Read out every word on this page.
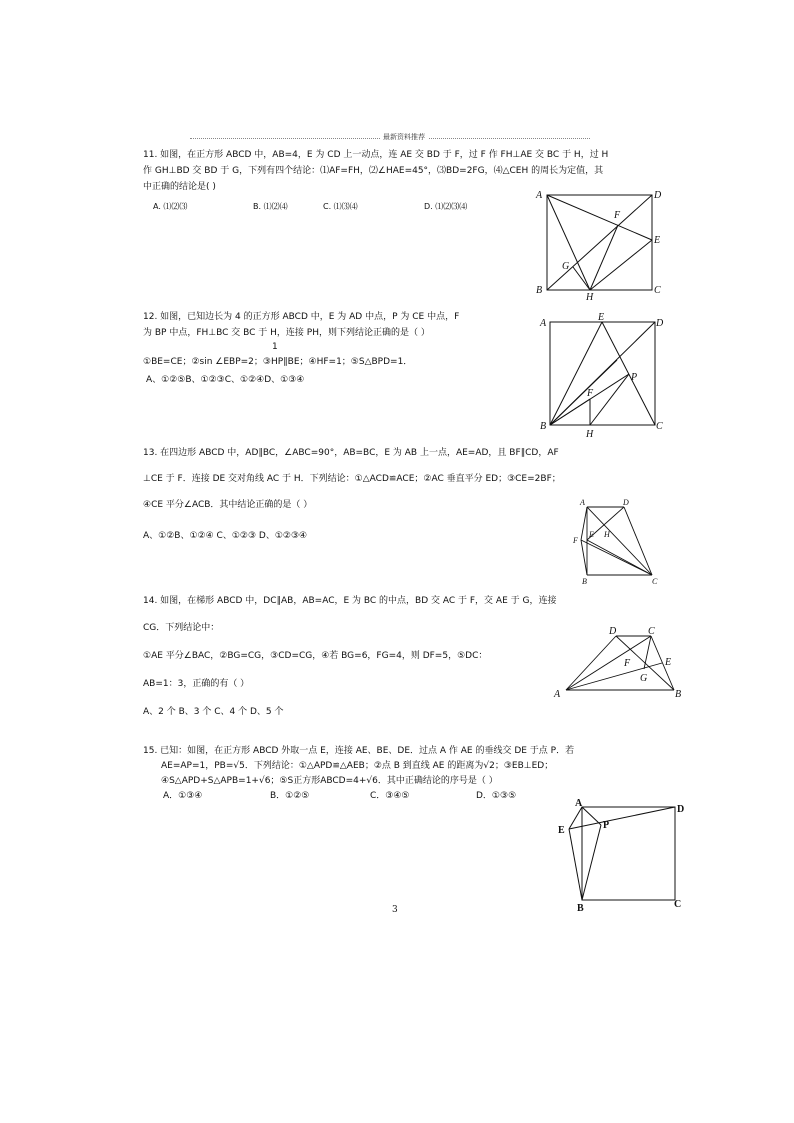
最新资料推荐
11. 如图，在正方形 ABCD 中，AB=4，E 为 CD 上一动点，连 AE 交 BD 于 F，过 F 作 FH⊥AE 交 BC 于 H，过 H
作 GH⊥BD 交 BD 于 G，下列有四个结论：⑴AF=FH，⑵∠HAE=45°，⑶BD=2FG，⑷△CEH 的周长为定值，其
中正确的结论是( )
A. ⑴⑵⑶	B. ⑴⑵⑷	C. ⑴⑶⑷	D. ⑴⑵⑶⑷
A	D
F
E
G
B
H
C
12. 如图，已知边长为 4 的正方形 ABCD 中，E 为 AD 中点，P 为 CE 中点，F
为 BP 中点，FH⊥BC 交 BC 于 H，连接 PH，则下列结论正确的是（ ）
1
①BE=CE；②sin ∠EBP=2；③HP∥BE；④HF=1；⑤S△BPD=1．
A、①②⑤B、①②③C、①②④D、①③④
A
E
D
P
F
B
H
C
13. 在四边形 ABCD 中，AD∥BC，∠ABC=90°，AB=BC，E 为 AB 上一点，AE=AD，且 BF∥CD，AF
⊥CE 于 F．连接 DE 交对角线 AC 于 H．下列结论：①△ACD≌ACE；②AC 垂直平分 ED；③CE=2BF；
④CE 平分∠ACB．其中结论正确的是（ ）
A、①②B、①②④ C、①②③ D、①②③④
A	D
E
F
H
B	C
14. 如图，在梯形 ABCD 中，DC∥AB，AB=AC，E 为 BC 的中点，BD 交 AC 于 F，交 AE 于 G，连接
CG．下列结论中：
①AE 平分∠BAC，②BG=CG，③CD=CG，④若 BG=6，FG=4，则 DF=5，⑤DC：
AB=1：3，正确的有（ ）
A、2 个 B、3 个 C、4 个 D、5 个
D	C
F	E
G
A	B
15. 已知：如图，在正方形 ABCD 外取一点 E，连接 AE、BE、DE．过点 A 作 AE 的垂线交 DE 于点 P．若
AE=AP=1，PB=√5．下列结论：①△APD≌△AEB；②点 B 到直线 AE 的距离为√2；③EB⊥ED；
④S△APD+S△APB=1+√6；⑤S正方形ABCD=4+√6．其中正确结论的序号是（ ）
A．①③④	B．①②⑤	C．③④⑤	D．①③⑤
A
D
E	P
B	C
3
